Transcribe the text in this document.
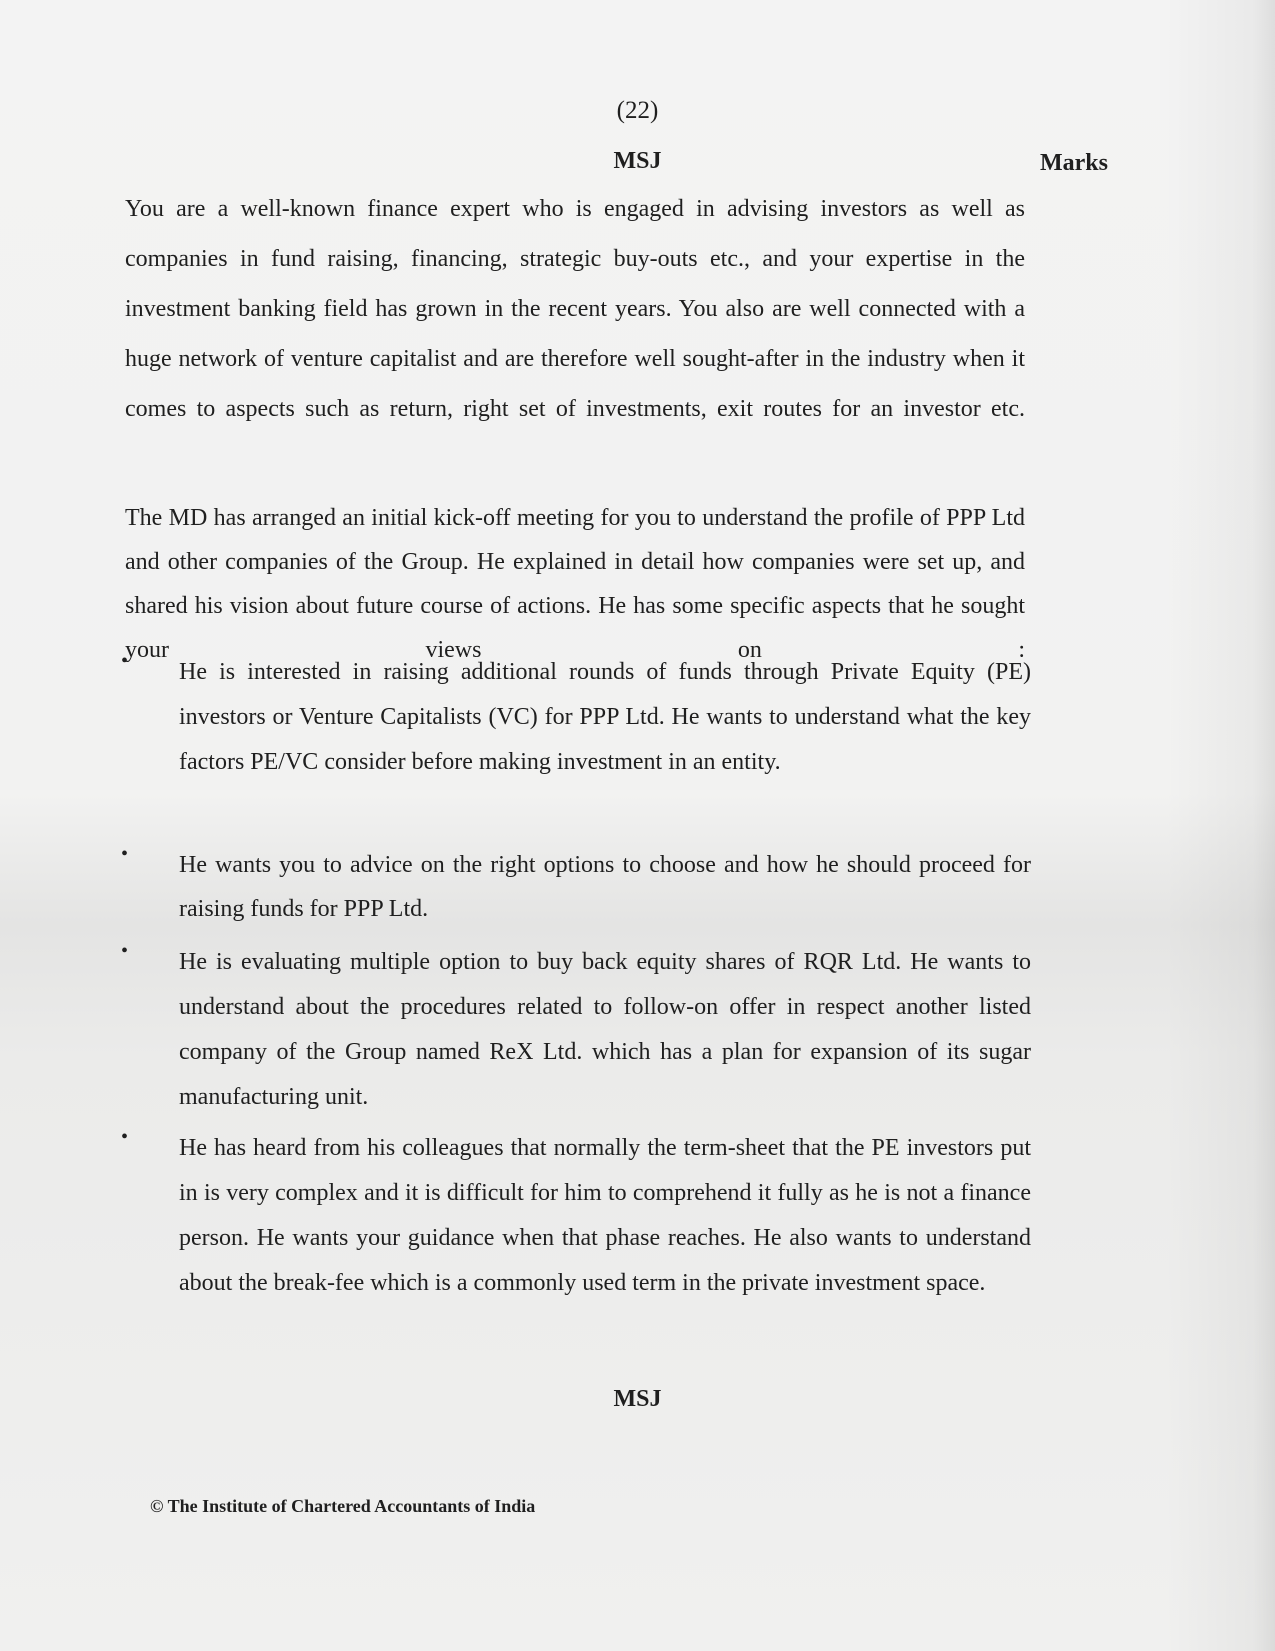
(22)
MSJ	Marks

You are a well-known finance expert who is engaged in advising investors as well as companies in fund raising, financing, strategic buy-outs etc., and your expertise in the investment banking field has grown in the recent years. You also are well connected with a huge network of venture capitalist and are therefore well sought-after in the industry when it comes to aspects such as return, right set of investments, exit routes for an investor etc.

The MD has arranged an initial kick-off meeting for you to understand the profile of PPP Ltd and other companies of the Group. He explained in detail how companies were set up, and shared his vision about future course of actions. He has some specific aspects that he sought your views on :

• He is interested in raising additional rounds of funds through Private Equity (PE) investors or Venture Capitalists (VC) for PPP Ltd. He wants to understand what the key factors PE/VC consider before making investment in an entity.

• He wants you to advice on the right options to choose and how he should proceed for raising funds for PPP Ltd.

• He is evaluating multiple option to buy back equity shares of RQR Ltd. He wants to understand about the procedures related to follow-on offer in respect another listed company of the Group named ReX Ltd. which has a plan for expansion of its sugar manufacturing unit.

• He has heard from his colleagues that normally the term-sheet that the PE investors put in is very complex and it is difficult for him to comprehend it fully as he is not a finance person. He wants your guidance when that phase reaches. He also wants to understand about the break-fee which is a commonly used term in the private investment space.

MSJ
© The Institute of Chartered Accountants of India
